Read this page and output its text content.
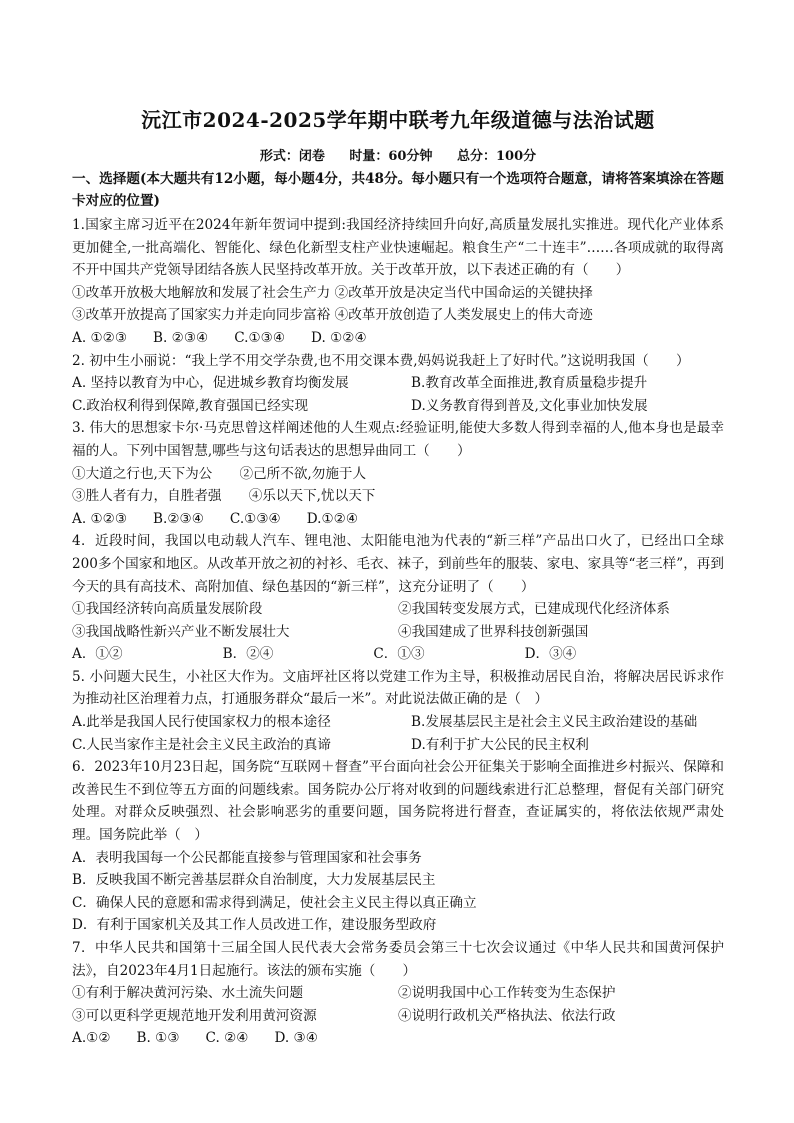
沅江市2024-2025学年期中联考九年级道德与法治试题
形式：闭卷 时量：60分钟 总分：100分
一、选择题(本大题共有12小题，每小题4分，共48分。每小题只有一个选项符合题意，请将答案填涂在答题卡对应的位置)
1.国家主席习近平在2024年新年贺词中提到:我国经济持续回升向好,高质量发展扎实推进。现代化产业体系更加健全,一批高端化、智能化、绿色化新型支柱产业快速崛起。粮食生产“二十连丰”……各项成就的取得离不开中国共产党领导团结各族人民坚持改革开放。关于改革开放，以下表述正确的有（　　）
①改革开放极大地解放和发展了社会生产力 ②改革开放是决定当代中国命运的关键抉择
③改革开放提高了国家实力并走向同步富裕 ④改革开放创造了人类发展史上的伟大奇迹
A. ①②③ B. ②③④ C.①③④ D. ①②④
2. 初中生小丽说：“我上学不用交学杂费,也不用交课本费,妈妈说我赶上了好时代。”这说明我国（　　）
A. 坚持以教育为中心，促进城乡教育均衡发展	B.教育改革全面推进,教育质量稳步提升
C.政治权利得到保障,教育强国已经实现	D.义务教育得到普及,文化事业加快发展
3. 伟大的思想家卡尔·马克思曾这样阐述他的人生观点:经验证明,能使大多数人得到幸福的人,他本身也是最幸福的人。下列中国智慧,哪些与这句话表达的思想异曲同工（　　）
①大道之行也,天下为公　　②己所不欲,勿施于人
③胜人者有力，自胜者强　　④乐以天下,忧以天下
A. ①②③ B.②③④ C.①③④ D.①②④
4．近段时间，我国以电动载人汽车、锂电池、太阳能电池为代表的“新三样”产品出口火了，已经出口全球200多个国家和地区。从改革开放之初的衬衫、毛衣、袜子，到前些年的服装、家电、家具等“老三样”，再到今天的具有高技术、高附加值、绿色基因的“新三样”，这充分证明了（　　）
①我国经济转向高质量发展阶段	②我国转变发展方式，已建成现代化经济体系
③我国战略性新兴产业不断发展壮大	④我国建成了世界科技创新强国
A．①②	B．②④	C．①③	D．③④
5. 小问题大民生，小社区大作为。文庙坪社区将以党建工作为主导，积极推动居民自治，将解决居民诉求作为推动社区治理着力点，打通服务群众“最后一米”。对此说法做正确的是（　）
A.此举是我国人民行使国家权力的根本途径	B.发展基层民主是社会主义民主政治建设的基础
C.人民当家作主是社会主义民主政治的真谛	D.有利于扩大公民的民主权利
6．2023年10月23日起，国务院“互联网＋督查”平台面向社会公开征集关于影响全面推进乡村振兴、保障和改善民生不到位等五方面的问题线索。国务院办公厅将对收到的问题线索进行汇总整理，督促有关部门研究处理。对群众反映强烈、社会影响恶劣的重要问题，国务院将进行督查，查证属实的，将依法依规严肃处理。国务院此举（　）
A．表明我国每一个公民都能直接参与管理国家和社会事务
B．反映我国不断完善基层群众自治制度，大力发展基层民主
C．确保人民的意愿和需求得到满足，使社会主义民主得以真正确立
D．有利于国家机关及其工作人员改进工作，建设服务型政府
7．中华人民共和国第十三届全国人民代表大会常务委员会第三十七次会议通过《中华人民共和国黄河保护法》，自2023年4月1日起施行。该法的颁布实施（　　）
①有利于解决黄河污染、水土流失问题	②说明我国中心工作转变为生态保护
③可以更科学更规范地开发利用黄河资源	④说明行政机关严格执法、依法行政
A.①② B. ①③ C. ②④ D. ③④
